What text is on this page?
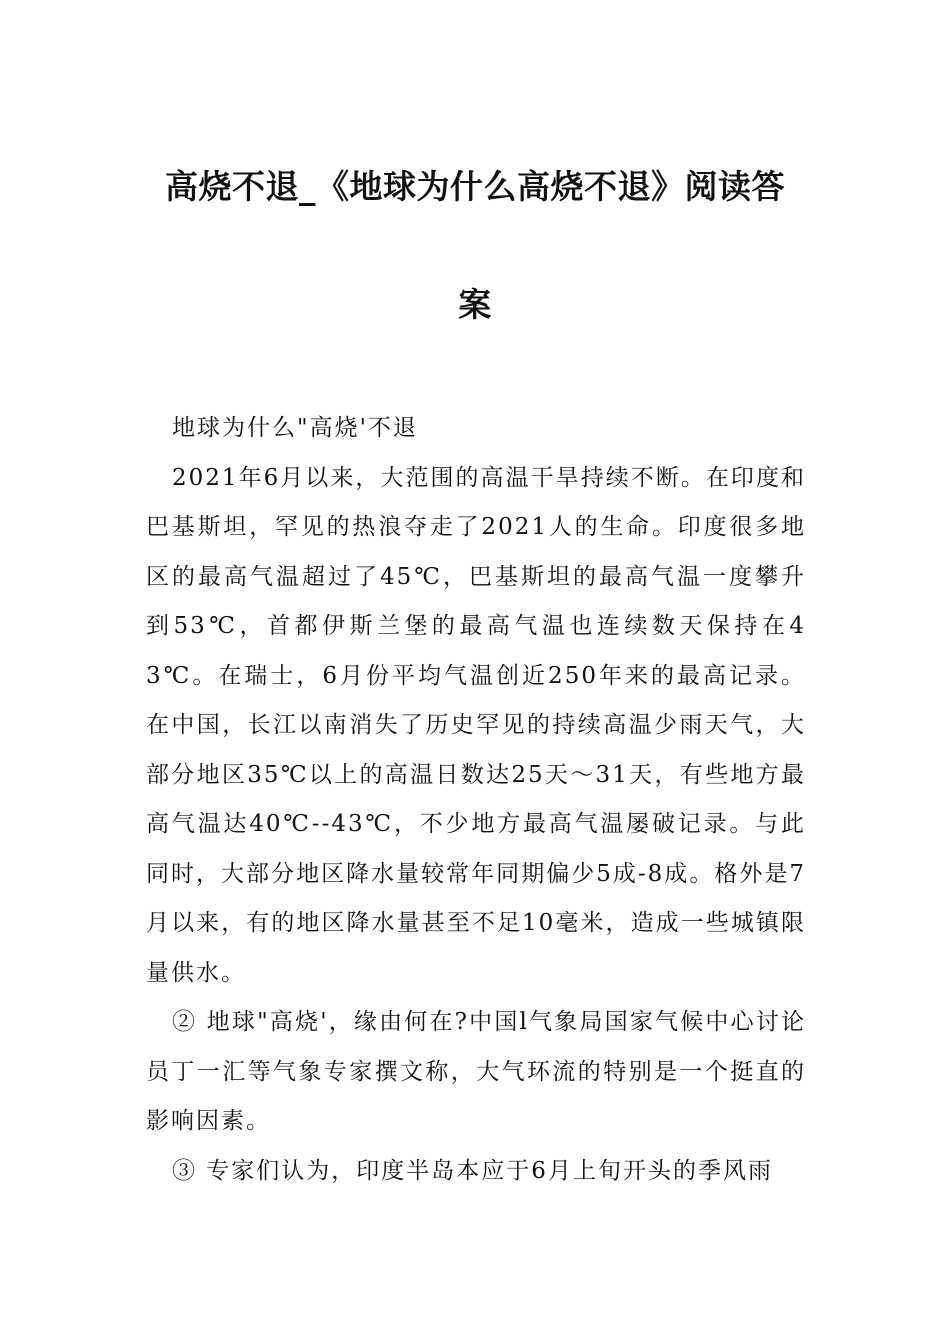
高烧不退_《地球为什么高烧不退》阅读答
案

地球为什么"高烧'不退

2021年6月以来，大范围的高温干旱持续不断。在印度和巴基斯坦，罕见的热浪夺走了2021人的生命。印度很多地区的最高气温超过了45℃，巴基斯坦的最高气温一度攀升到53℃，首都伊斯兰堡的最高气温也连续数天保持在43℃。在瑞士，6月份平均气温创近250年来的最高记录。在中国，长江以南消失了历史罕见的持续高温少雨天气，大部分地区35℃以上的高温日数达25天～31天，有些地方最高气温达40℃--43℃，不少地方最高气温屡破记录。与此同时，大部分地区降水量较常年同期偏少5成-8成。格外是7月以来，有的地区降水量甚至不足10毫米，造成一些城镇限量供水。

② 地球"高烧'，缘由何在?中国l气象局国家气候中心讨论员丁一汇等气象专家撰文称，大气环流的特别是一个挺直的影响因素。

③ 专家们认为，印度半岛本应于6月上旬开头的季风雨
